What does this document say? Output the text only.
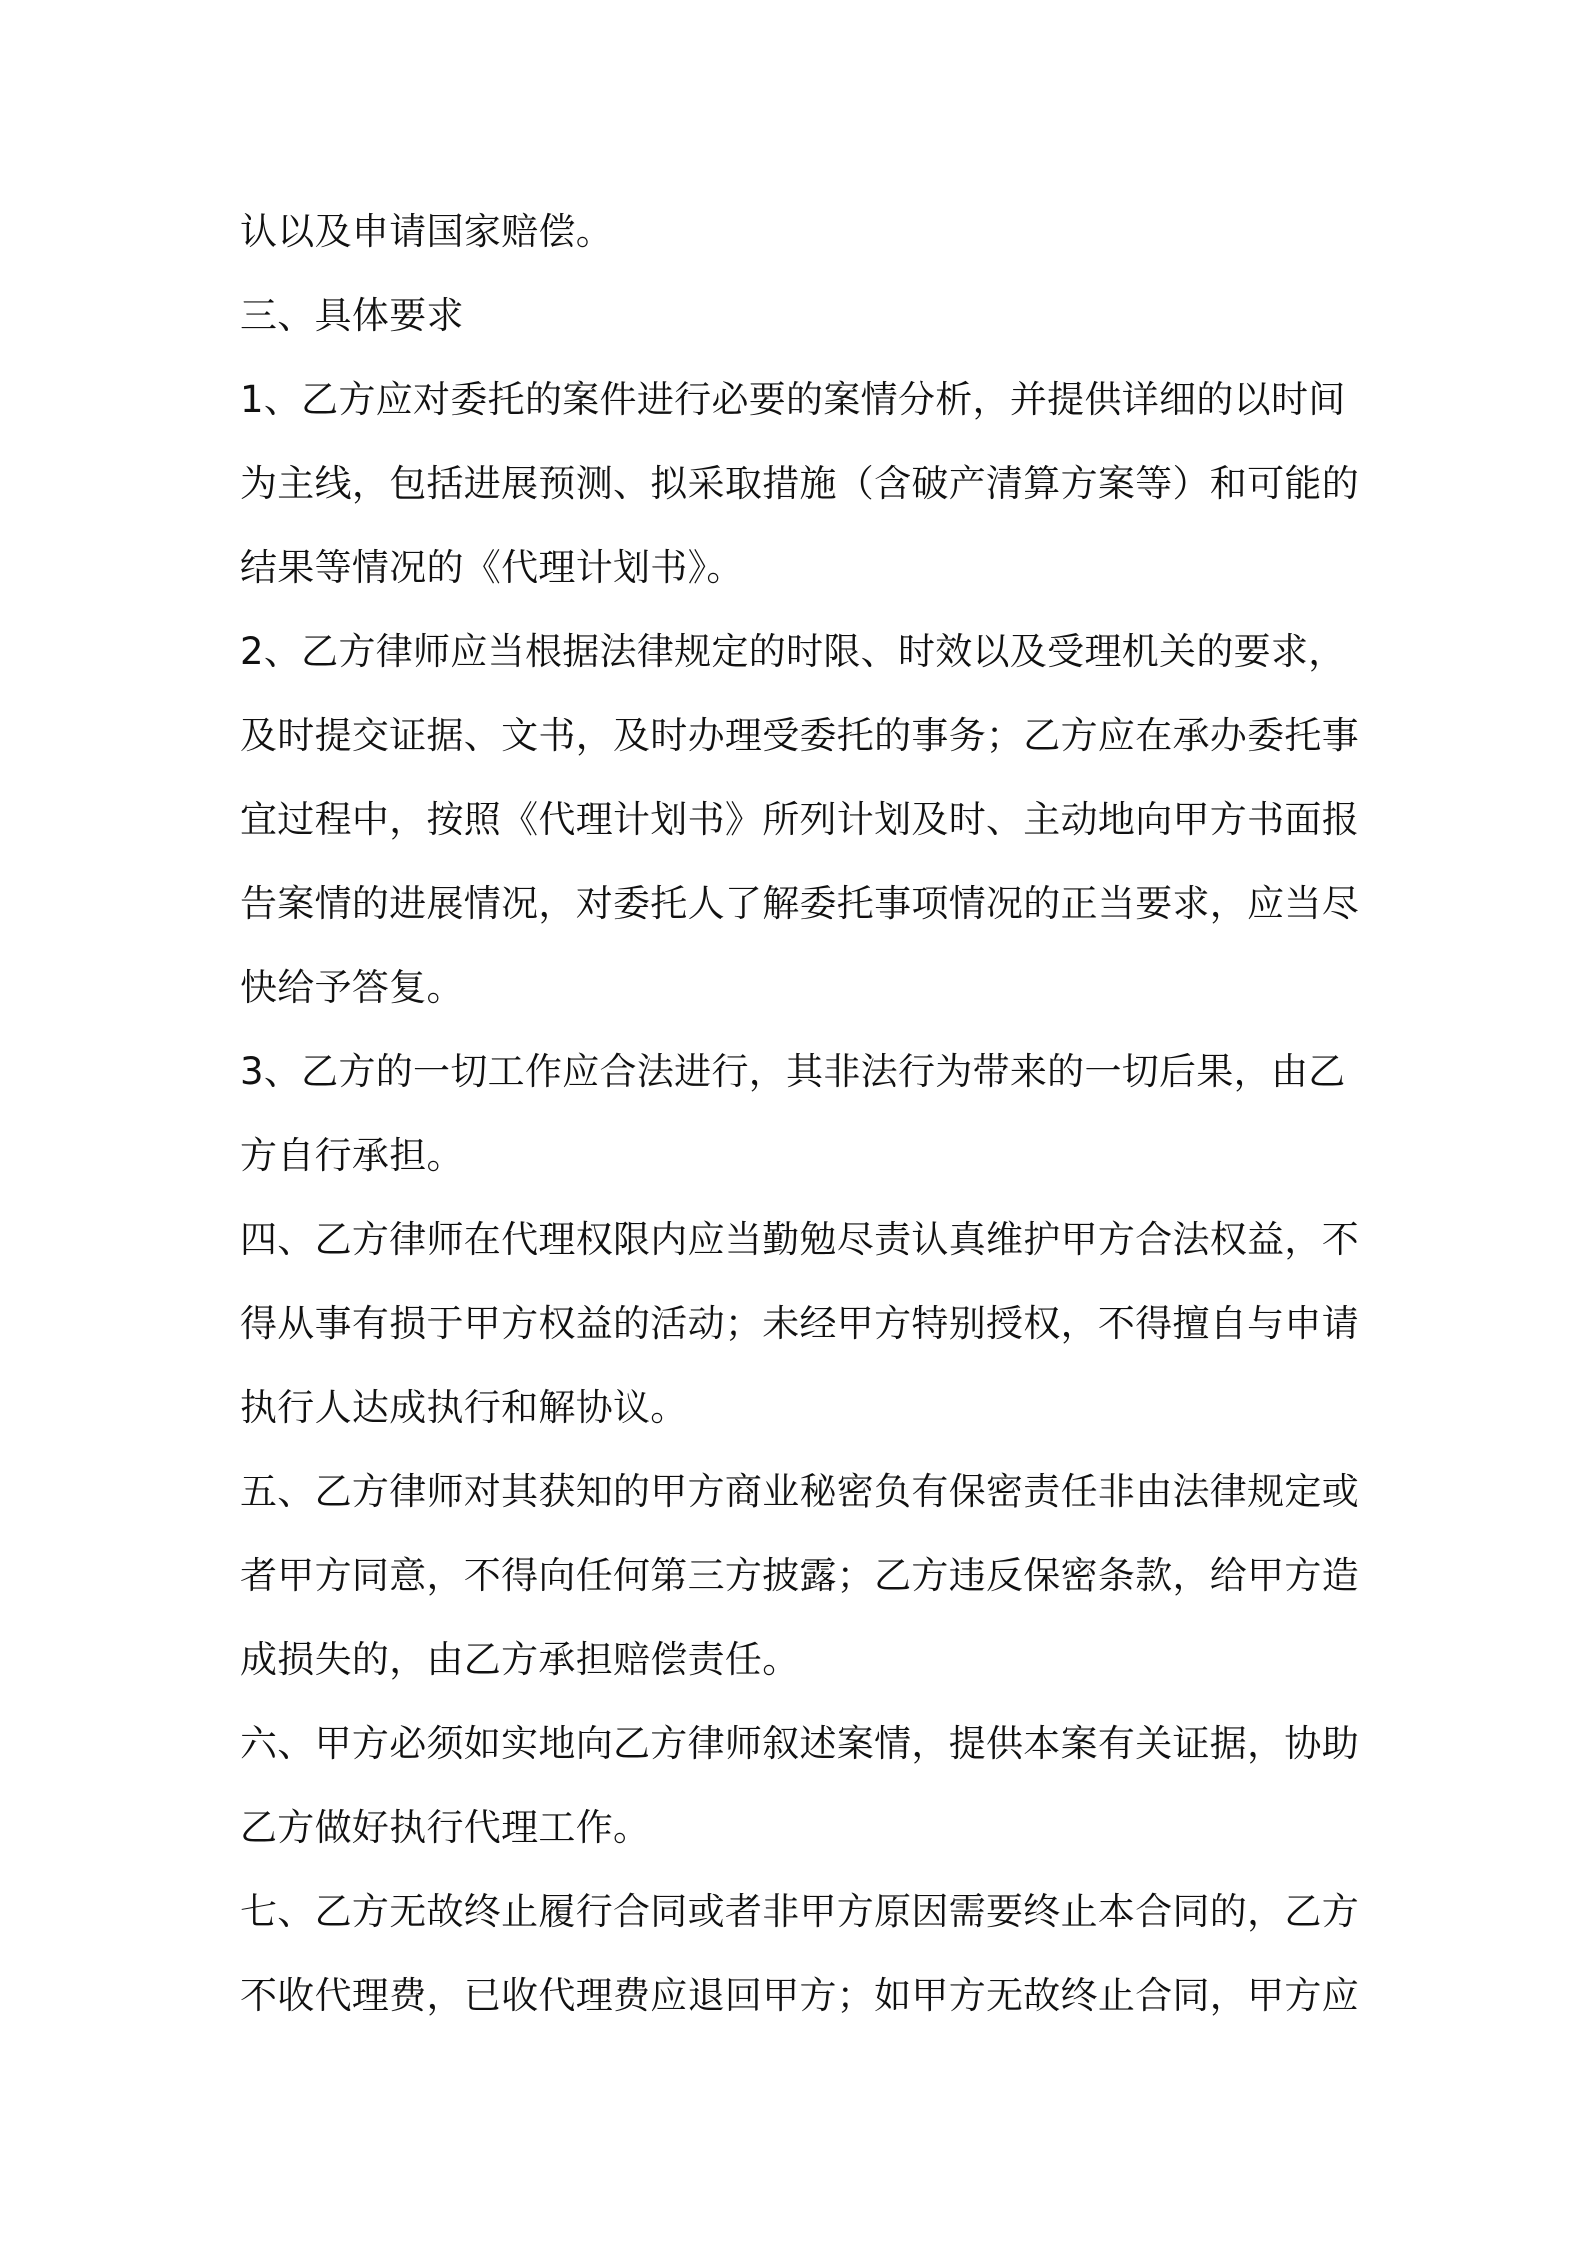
认以及申请国家赔偿。
三、具体要求
1、乙方应对委托的案件进行必要的案情分析，并提供详细的以时间
为主线，包括进展预测、拟采取措施（含破产清算方案等）和可能的
结果等情况的《代理计划书》。
2、乙方律师应当根据法律规定的时限、时效以及受理机关的要求，
及时提交证据、文书，及时办理受委托的事务；乙方应在承办委托事
宜过程中，按照《代理计划书》所列计划及时、主动地向甲方书面报
告案情的进展情况，对委托人了解委托事项情况的正当要求，应当尽
快给予答复。
3、乙方的一切工作应合法进行，其非法行为带来的一切后果，由乙
方自行承担。
四、乙方律师在代理权限内应当勤勉尽责认真维护甲方合法权益，不
得从事有损于甲方权益的活动；未经甲方特别授权，不得擅自与申请
执行人达成执行和解协议。
五、乙方律师对其获知的甲方商业秘密负有保密责任非由法律规定或
者甲方同意，不得向任何第三方披露；乙方违反保密条款，给甲方造
成损失的，由乙方承担赔偿责任。
六、甲方必须如实地向乙方律师叙述案情，提供本案有关证据，协助
乙方做好执行代理工作。
七、乙方无故终止履行合同或者非甲方原因需要终止本合同的，乙方
不收代理费，已收代理费应退回甲方；如甲方无故终止合同，甲方应
